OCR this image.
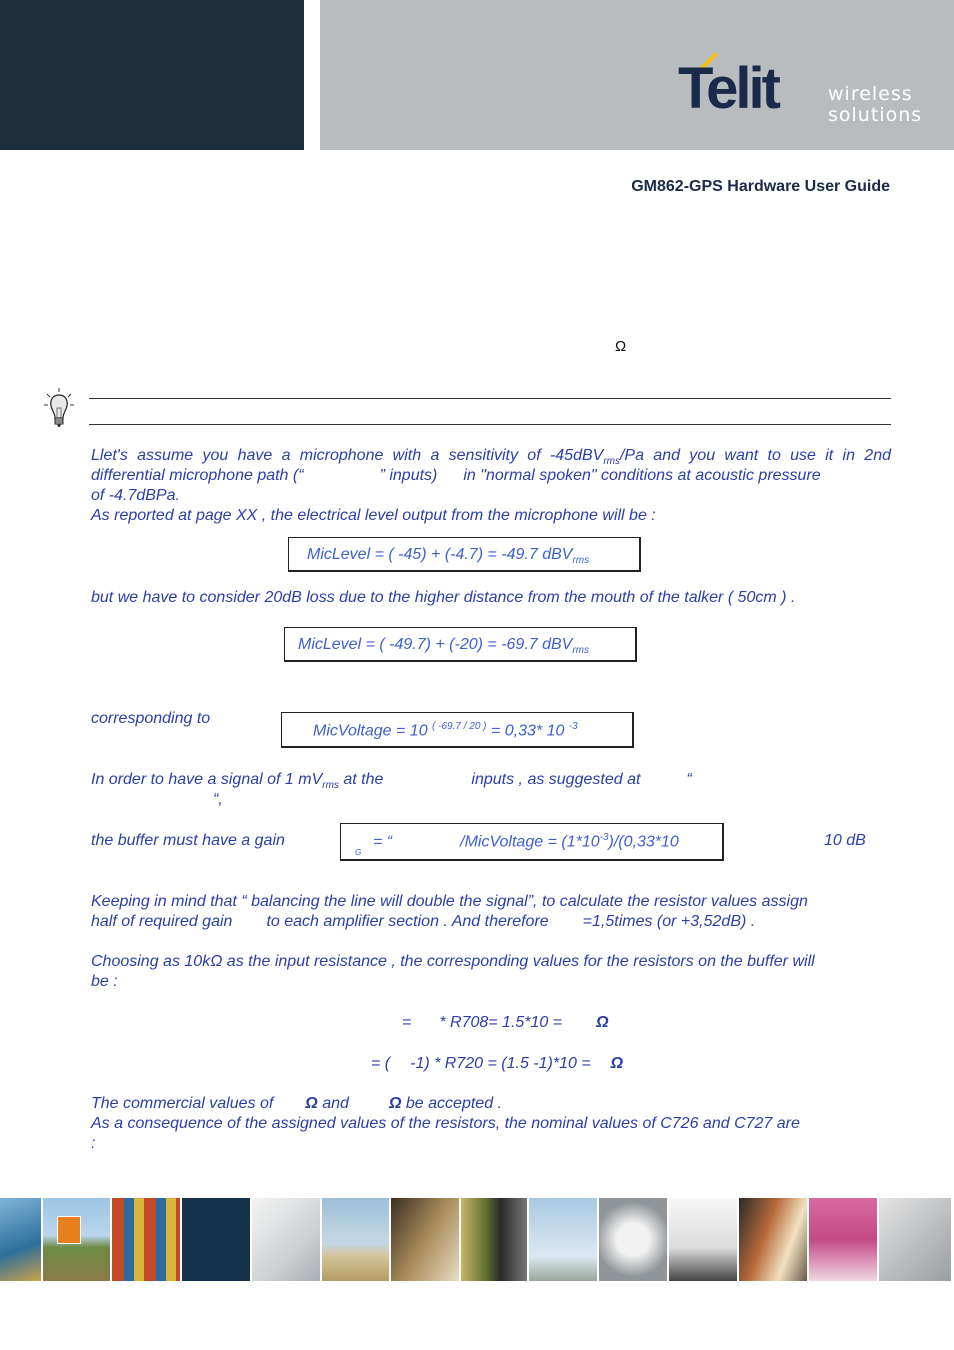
Telit	wireless
solutions
GM862-GPS Hardware User Guide
Ω
Llet's assume you have a microphone with a sensitivity of -45dBV$_{rms}$/Pa and you want to use it in 2nd
differential microphone path (“	” inputs) in "normal spoken" conditions at acoustic pressure
of -4.7dBPa.
As reported at page XX , the electrical level output from the microphone will be :
MicLevel = ( -45) + (-4.7) = -49.7 dBV$_{rms}$
but we have to consider 20dB loss due to the higher distance from the mouth of the talker ( 50cm ) .
MicLevel = ( -49.7) + (-20) = -69.7 dBV$_{rms}$
corresponding to
MicVoltage = 10 $^{( -69.7 / 20 )}$ = 0,33* 10 $^{-3}$
In order to have a signal of 1 $mV_{rms}$ at the	inputs , as suggested at	“
“,
the buffer must have a gain	= “	/MicVoltage = $(1*10^{-3})/(0,33*10$
G
10 dB
Keeping in mind that “ balancing the line will double the signal”, to calculate the resistor values assign
half of required gain to each amplifier section . And therefore =1,5times (or +3,52dB) .
Choosing as 10kΩ as the input resistance , the corresponding values for the resistors on the buffer will
be :
= * R708= 1.5*10 = Ω
= ( -1) * R720 = (1.5 -1)*10 = Ω
The commercial values of Ω and	Ω be accepted .
As a consequence of the assigned values of the resistors, the nominal values of C726 and C727 are
:
